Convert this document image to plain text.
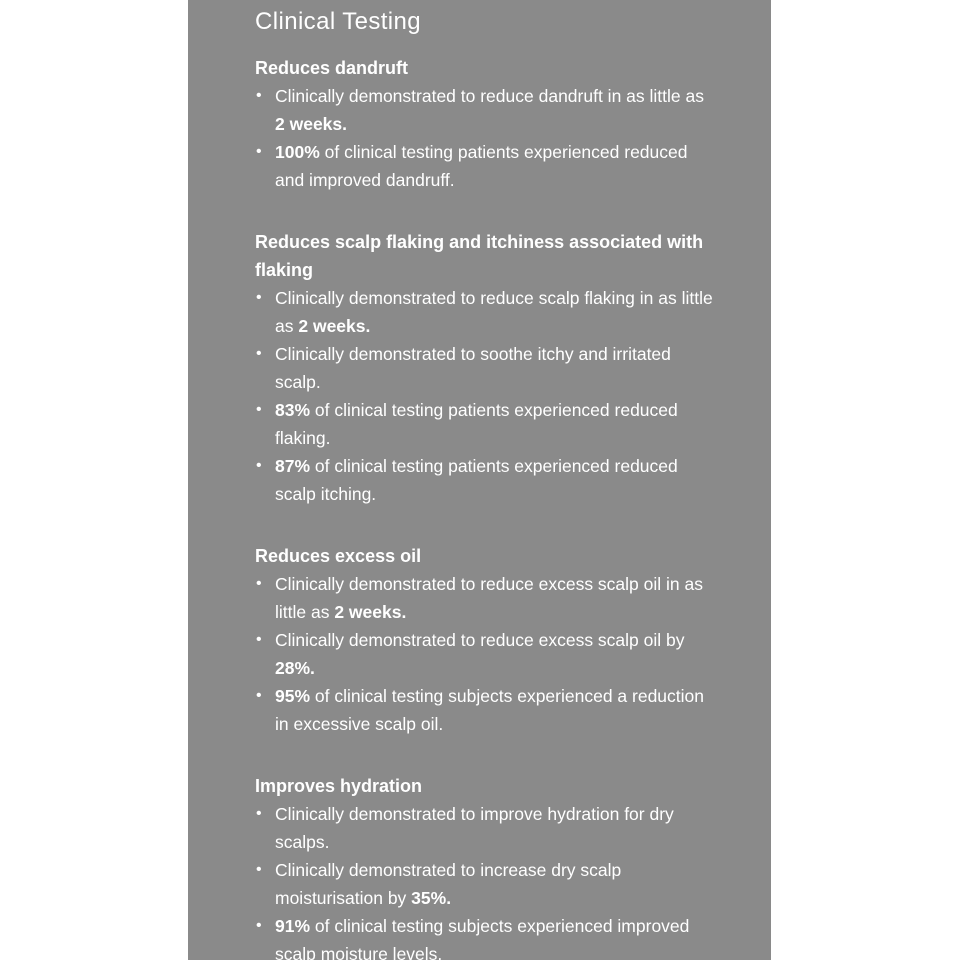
Clinical Testing
Reduces dandruft
• Clinically demonstrated to reduce dandruft in as little as 2 weeks.
• 100% of clinical testing patients experienced reduced and improved dandruff.
Reduces scalp flaking and itchiness associated with flaking
• Clinically demonstrated to reduce scalp flaking in as little as 2 weeks.
• Clinically demonstrated to soothe itchy and irritated scalp.
• 83% of clinical testing patients experienced reduced flaking.
• 87% of clinical testing patients experienced reduced scalp itching.
Reduces excess oil
• Clinically demonstrated to reduce excess scalp oil in as little as 2 weeks.
• Clinically demonstrated to reduce excess scalp oil by 28%.
• 95% of clinical testing subjects experienced a reduction in excessive scalp oil.
Improves hydration
• Clinically demonstrated to improve hydration for dry scalps.
• Clinically demonstrated to increase dry scalp moisturisation by 35%.
• 91% of clinical testing subjects experienced improved scalp moisture levels.
